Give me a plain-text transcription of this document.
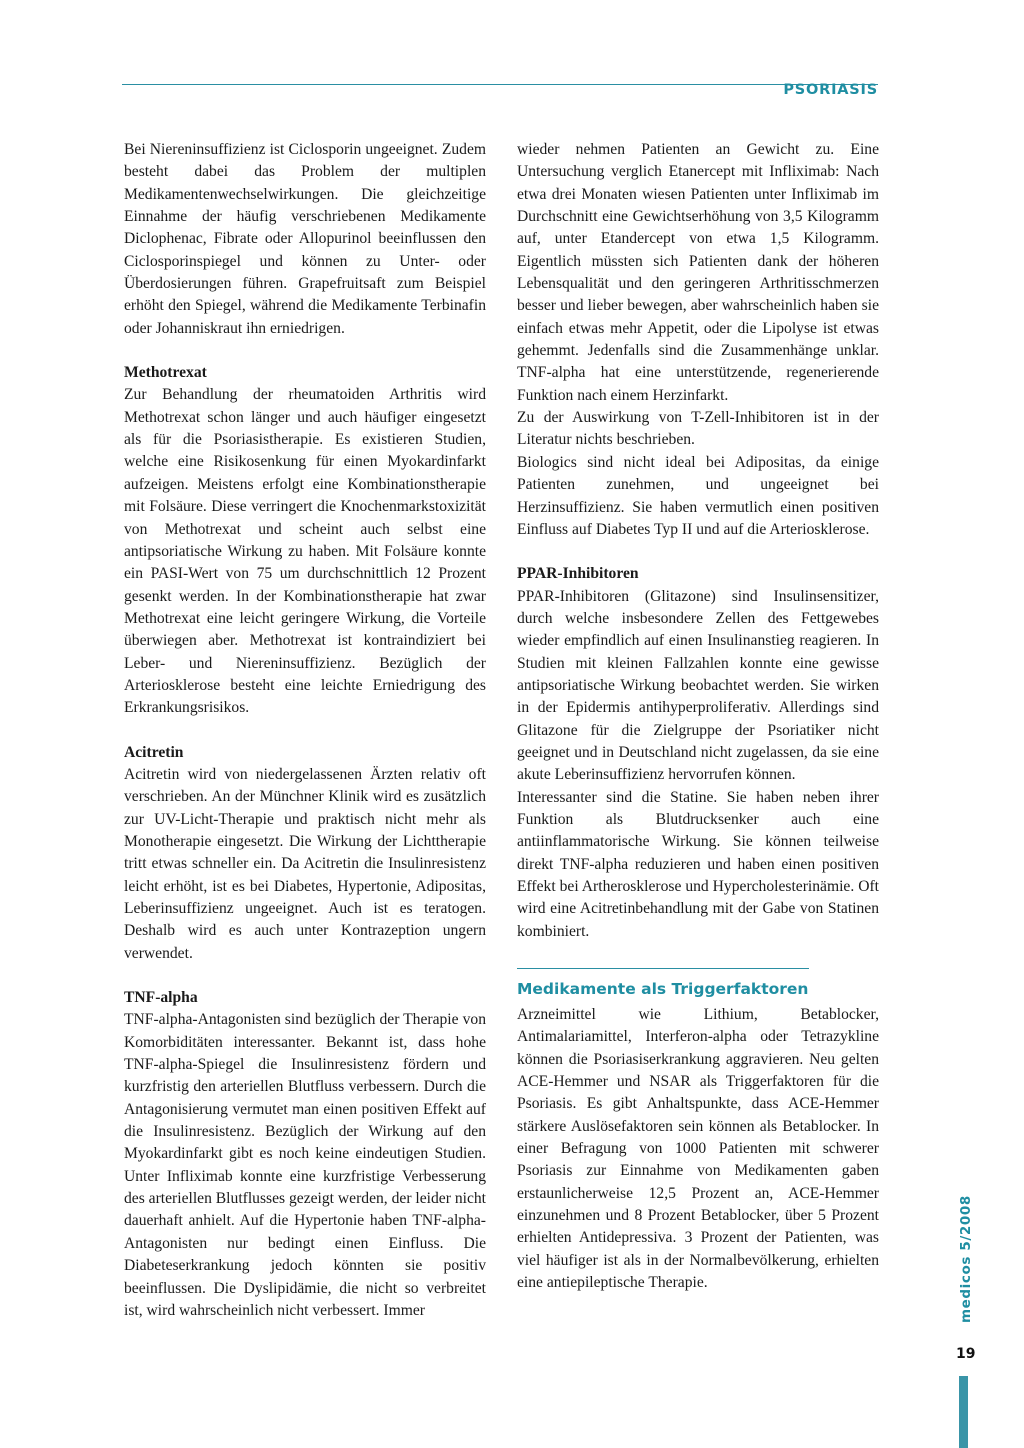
PSORIASIS

Bei Niereninsuffizienz ist Ciclosporin ungeeignet. Zudem besteht dabei das Problem der multiplen Medikamentenwechselwirkungen. Die gleichzeitige Einnahme der häufig verschriebenen Medikamente Diclophenac, Fibrate oder Allopurinol beeinflussen den Ciclosporinspiegel und können zu Unter- oder Überdosierungen führen. Grapefruitsaft zum Beispiel erhöht den Spiegel, während die Medikamente Terbinafin oder Johanniskraut ihn erniedrigen.

Methotrexat

Zur Behandlung der rheumatoiden Arthritis wird Methotrexat schon länger und auch häufiger eingesetzt als für die Psoriasistherapie. Es existieren Studien, welche eine Risikosenkung für einen Myokardinfarkt aufzeigen. Meistens erfolgt eine Kombinationstherapie mit Folsäure. Diese verringert die Knochenmarkstoxizität von Methotrexat und scheint auch selbst eine antipsoriatische Wirkung zu haben. Mit Folsäure konnte ein PASI-Wert von 75 um durchschnittlich 12 Prozent gesenkt werden. In der Kombinationstherapie hat zwar Methotrexat eine leicht geringere Wirkung, die Vorteile überwiegen aber. Methotrexat ist kontraindiziert bei Leber- und Niereninsuffizienz. Bezüglich der Arteriosklerose besteht eine leichte Erniedrigung des Erkrankungsrisikos.

Acitretin

Acitretin wird von niedergelassenen Ärzten relativ oft verschrieben. An der Münchner Klinik wird es zusätzlich zur UV-Licht-Therapie und praktisch nicht mehr als Monotherapie eingesetzt. Die Wirkung der Lichttherapie tritt etwas schneller ein. Da Acitretin die Insulinresistenz leicht erhöht, ist es bei Diabetes, Hypertonie, Adipositas, Leberinsuffizienz ungeeignet. Auch ist es teratogen. Deshalb wird es auch unter Kontrazeption ungern verwendet.

TNF-alpha

TNF-alpha-Antagonisten sind bezüglich der Therapie von Komorbiditäten interessanter. Bekannt ist, dass hohe TNF-alpha-Spiegel die Insulinresistenz fördern und kurzfristig den arteriellen Blutfluss verbessern. Durch die Antagonisierung vermutet man einen positiven Effekt auf die Insulinresistenz. Bezüglich der Wirkung auf den Myokardinfarkt gibt es noch keine eindeutigen Studien. Unter Infliximab konnte eine kurzfristige Verbesserung des arteriellen Blutflusses gezeigt werden, der leider nicht dauerhaft anhielt. Auf die Hypertonie haben TNF-alpha-Antagonisten nur bedingt einen Einfluss. Die Diabeteserkrankung jedoch könnten sie positiv beeinflussen. Die Dyslipidämie, die nicht so verbreitet ist, wird wahrscheinlich nicht verbessert. Immer

wieder nehmen Patienten an Gewicht zu. Eine Untersuchung verglich Etanercept mit Infliximab: Nach etwa drei Monaten wiesen Patienten unter Infliximab im Durchschnitt eine Gewichtserhöhung von 3,5 Kilogramm auf, unter Etandercept von etwa 1,5 Kilogramm. Eigentlich müssten sich Patienten dank der höheren Lebensqualität und den geringeren Arthritisschmerzen besser und lieber bewegen, aber wahrscheinlich haben sie einfach etwas mehr Appetit, oder die Lipolyse ist etwas gehemmt. Jedenfalls sind die Zusammenhänge unklar. TNF-alpha hat eine unterstützende, regenerierende Funktion nach einem Herzinfarkt.

Zu der Auswirkung von T-Zell-Inhibitoren ist in der Literatur nichts beschrieben.

Biologics sind nicht ideal bei Adipositas, da einige Patienten zunehmen, und ungeeignet bei Herzinsuffizienz. Sie haben vermutlich einen positiven Einfluss auf Diabetes Typ II und auf die Arteriosklerose.

PPAR-Inhibitoren

PPAR-Inhibitoren (Glitazone) sind Insulinsensitizer, durch welche insbesondere Zellen des Fettgewebes wieder empfindlich auf einen Insulinanstieg reagieren. In Studien mit kleinen Fallzahlen konnte eine gewisse antipsoriatische Wirkung beobachtet werden. Sie wirken in der Epidermis antihyperproliferativ. Allerdings sind Glitazone für die Zielgruppe der Psoriatiker nicht geeignet und in Deutschland nicht zugelassen, da sie eine akute Leberinsuffizienz hervorrufen können.

Interessanter sind die Statine. Sie haben neben ihrer Funktion als Blutdrucksenker auch eine antiinflammatorische Wirkung. Sie können teilweise direkt TNF-alpha reduzieren und haben einen positiven Effekt bei Artherosklerose und Hypercholesterinämie. Oft wird eine Acitretinbehandlung mit der Gabe von Statinen kombiniert.

Medikamente als Triggerfaktoren

Arzneimittel wie Lithium, Betablocker, Antimalariamittel, Interferon-alpha oder Tetrazykline können die Psoriasiserkrankung aggravieren. Neu gelten ACE-Hemmer und NSAR als Triggerfaktoren für die Psoriasis. Es gibt Anhaltspunkte, dass ACE-Hemmer stärkere Auslösefaktoren sein können als Betablocker. In einer Befragung von 1000 Patienten mit schwerer Psoriasis zur Einnahme von Medikamenten gaben erstaunlicherweise 12,5 Prozent an, ACE-Hemmer einzunehmen und 8 Prozent Betablocker, über 5 Prozent erhielten Antidepressiva. 3 Prozent der Patienten, was viel häufiger ist als in der Normalbevölkerung, erhielten eine antiepileptische Therapie.	medicos 5/2008
19
